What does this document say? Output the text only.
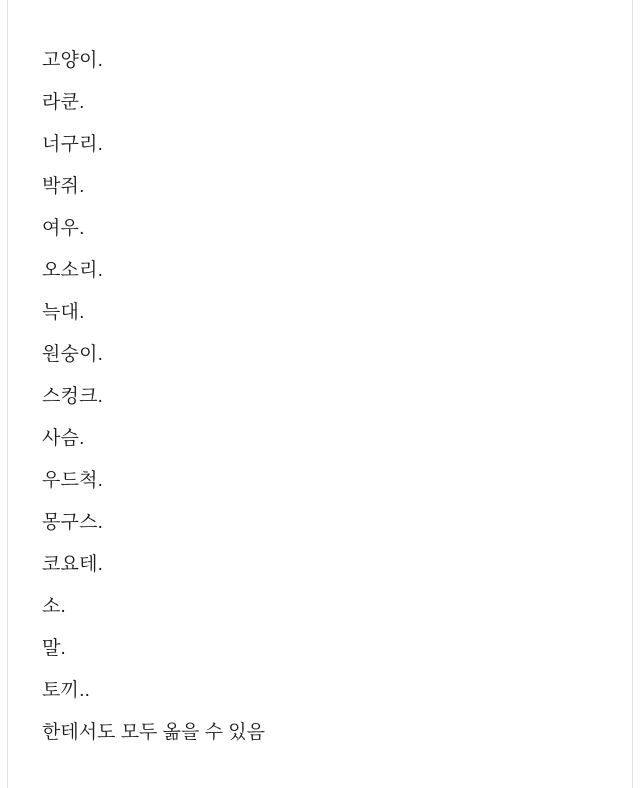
고양이.
라쿤.
너구리.
박쥐.
여우.
오소리.
늑대.
원숭이.
스컹크.
사슴.
우드척.
몽구스.
코요테.
소.
말.
토끼..
한테서도 모두 옮을 수 있음
